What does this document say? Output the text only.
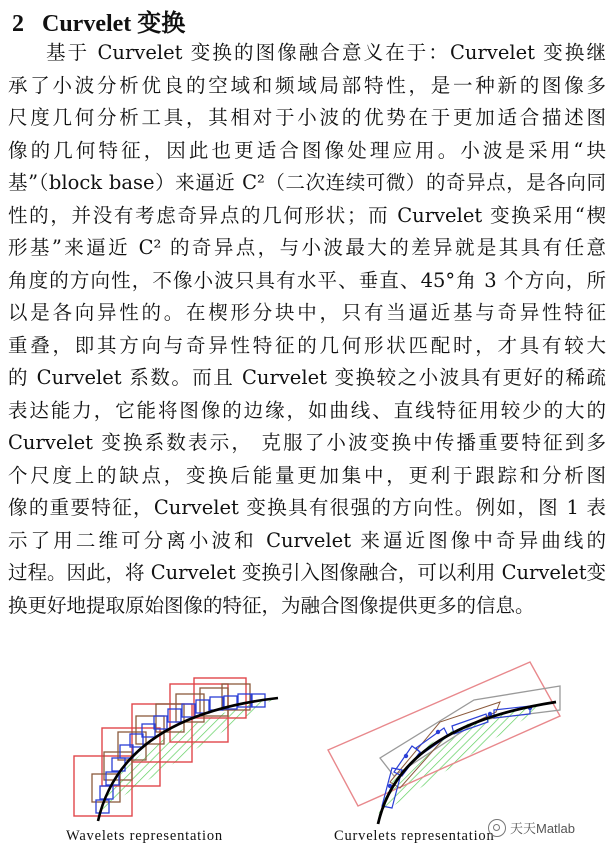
2 Curvelet 变换
基于 Curvelet 变换的图像融合意义在于：Curvelet 变换继
承了小波分析优良的空域和频域局部特性，是一种新的图像多
尺度几何分析工具，其相对于小波的优势在于更加适合描述图
像的几何特征，因此也更适合图像处理应用。小波是采用“块
基”（block base）来逼近 C²（二次连续可微）的奇异点，是各向同
性的，并没有考虑奇异点的几何形状；而 Curvelet 变换采用“楔
形基”来逼近 C² 的奇异点，与小波最大的差异就是其具有任意
角度的方向性，不像小波只具有水平、垂直、45°角 3 个方向，所
以是各向异性的。在楔形分块中，只有当逼近基与奇异性特征
重叠，即其方向与奇异性特征的几何形状匹配时，才具有较大
的 Curvelet 系数。而且 Curvelet 变换较之小波具有更好的稀疏
表达能力，它能将图像的边缘，如曲线、直线特征用较少的大的
Curvelet 变换系数表示， 克服了小波变换中传播重要特征到多
个尺度上的缺点，变换后能量更加集中，更利于跟踪和分析图
像的重要特征，Curvelet 变换具有很强的方向性。例如，图 1 表
示了用二维可分离小波和 Curvelet 来逼近图像中奇异曲线的
过程。因此，将 Curvelet 变换引入图像融合，可以利用 Curvelet变
换更好地提取原始图像的特征，为融合图像提供更多的信息。
Wavelets representation	Curvelets representation 天天Matlab
